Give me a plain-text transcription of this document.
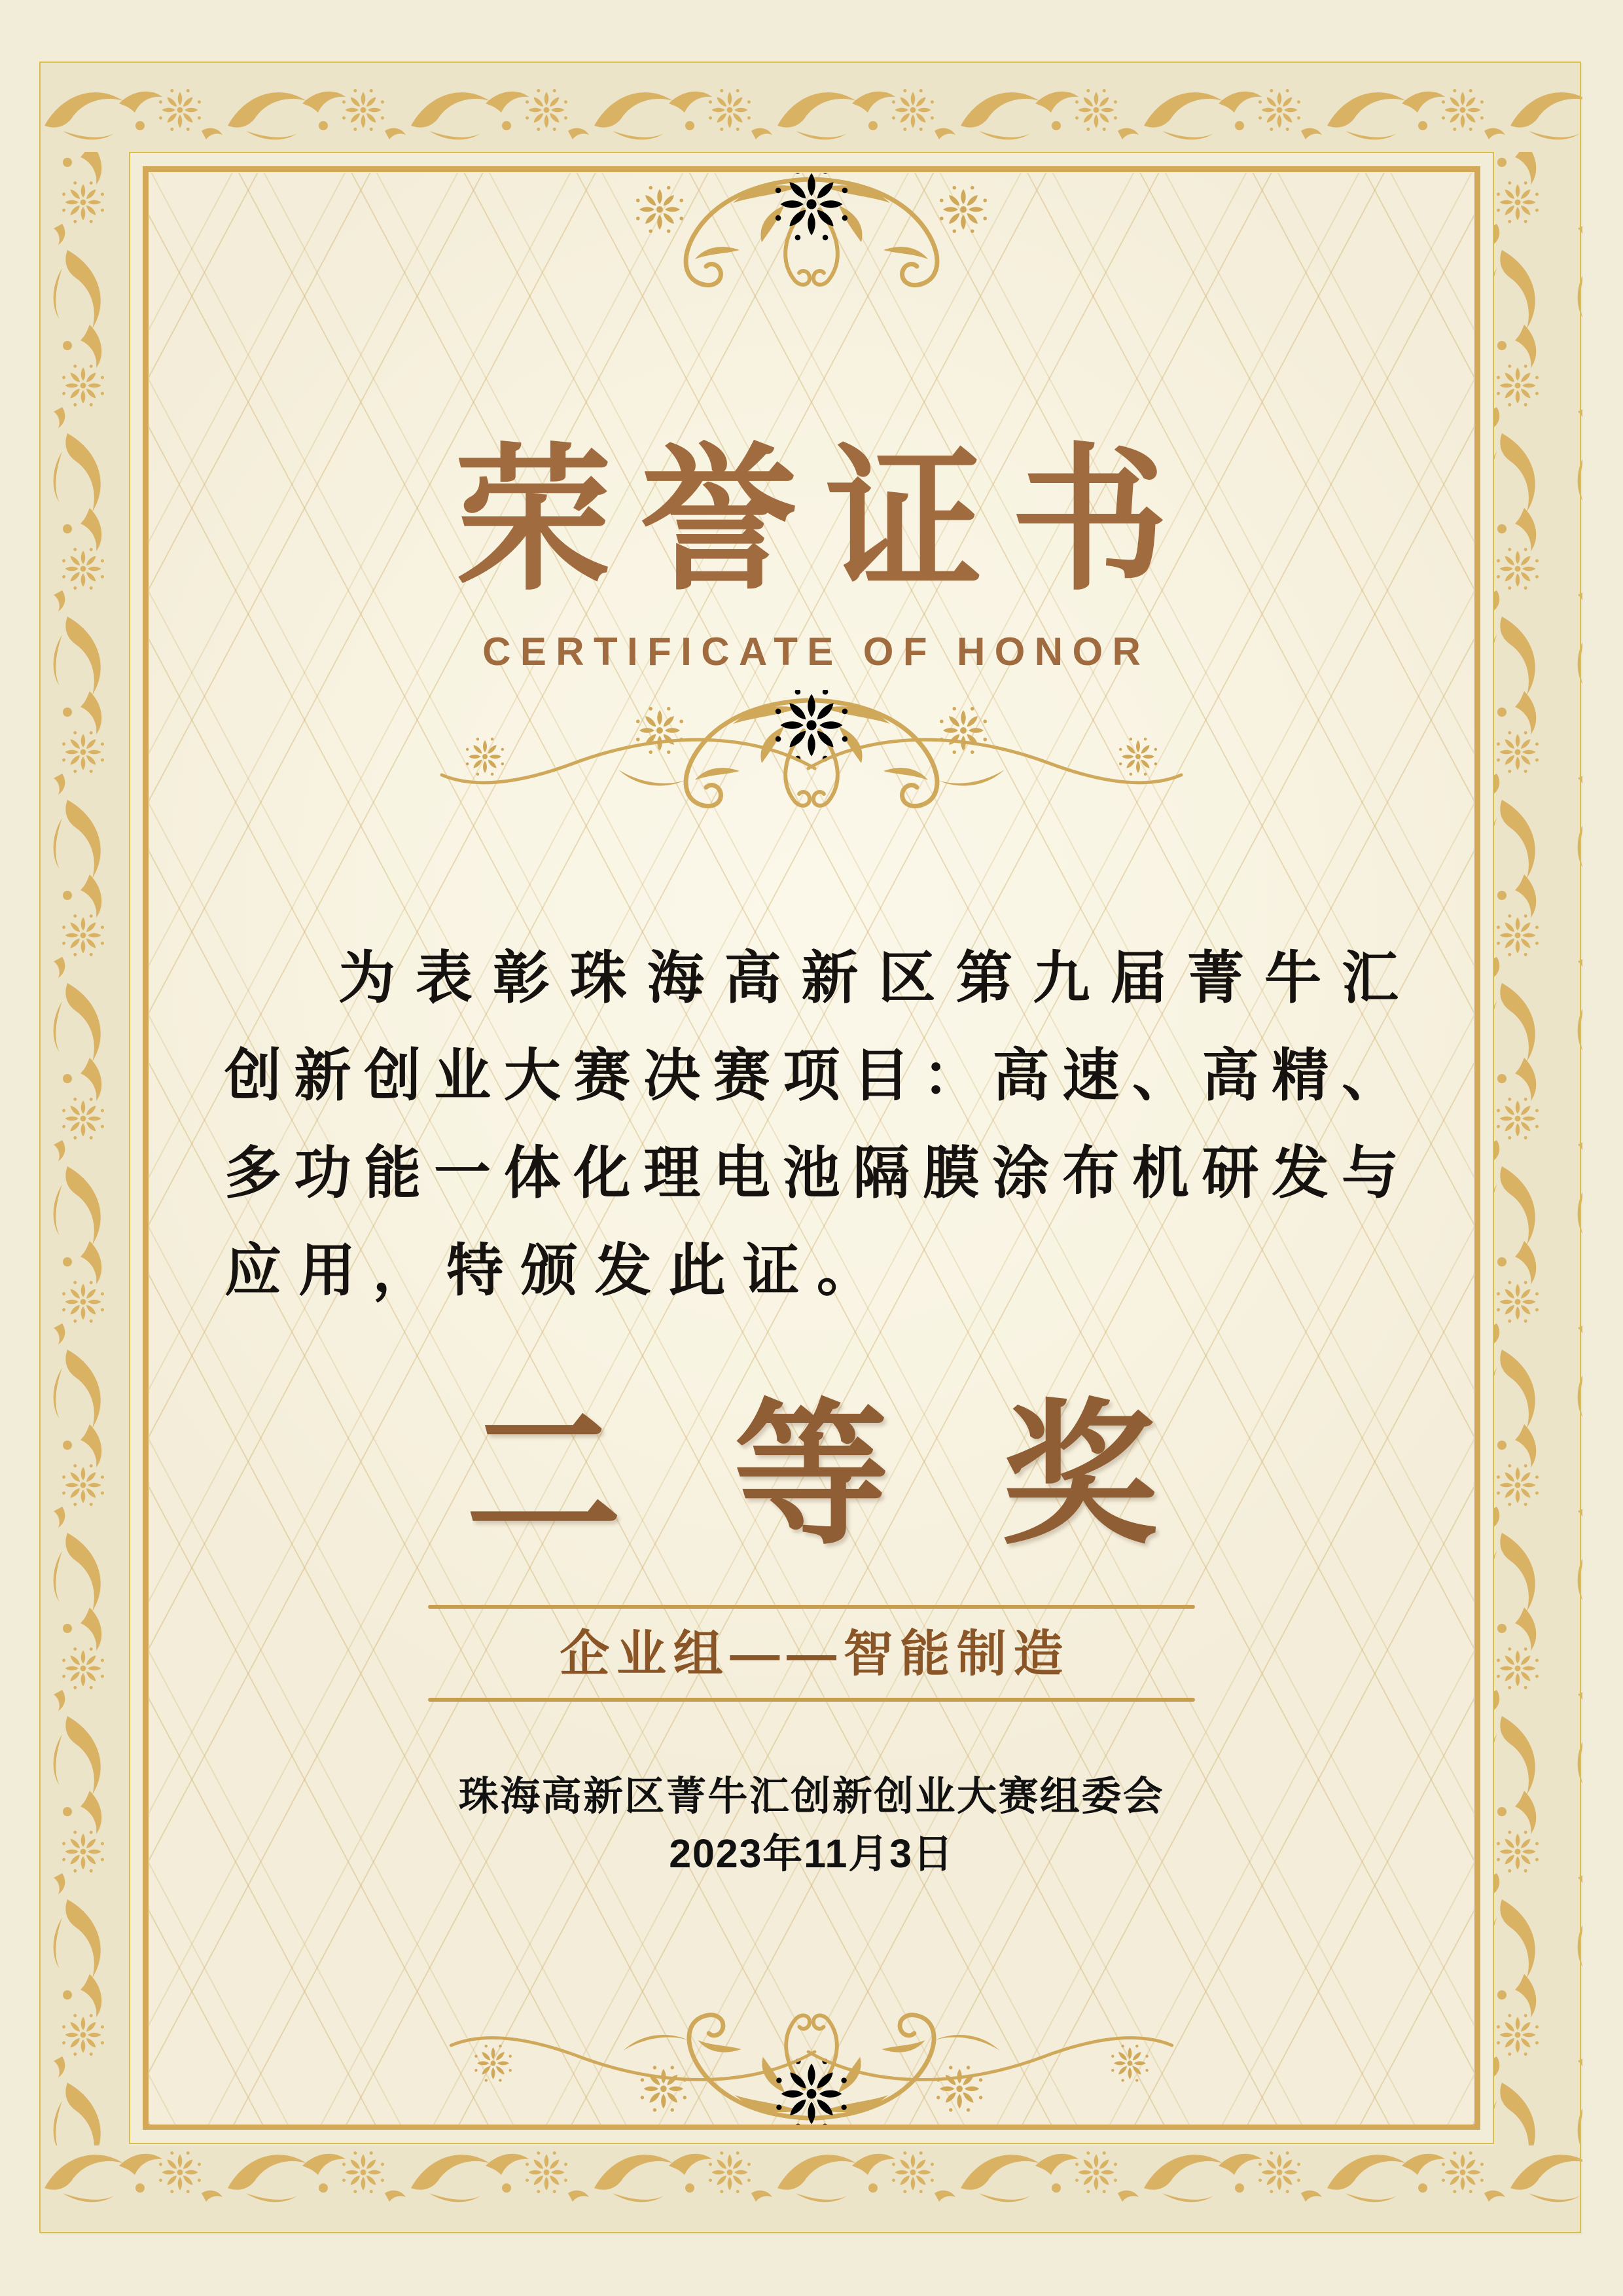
荣誉证书
CERTIFICATE OF HONOR
为表彰珠海高新区第九届菁牛汇
创新创业大赛决赛项目：高速、高精、
多功能一体化理电池隔膜涂布机研发与
应用，特颁发此证。
二等奖
企业组——智能制造
珠海高新区菁牛汇创新创业大赛组委会
2023年11月3日
